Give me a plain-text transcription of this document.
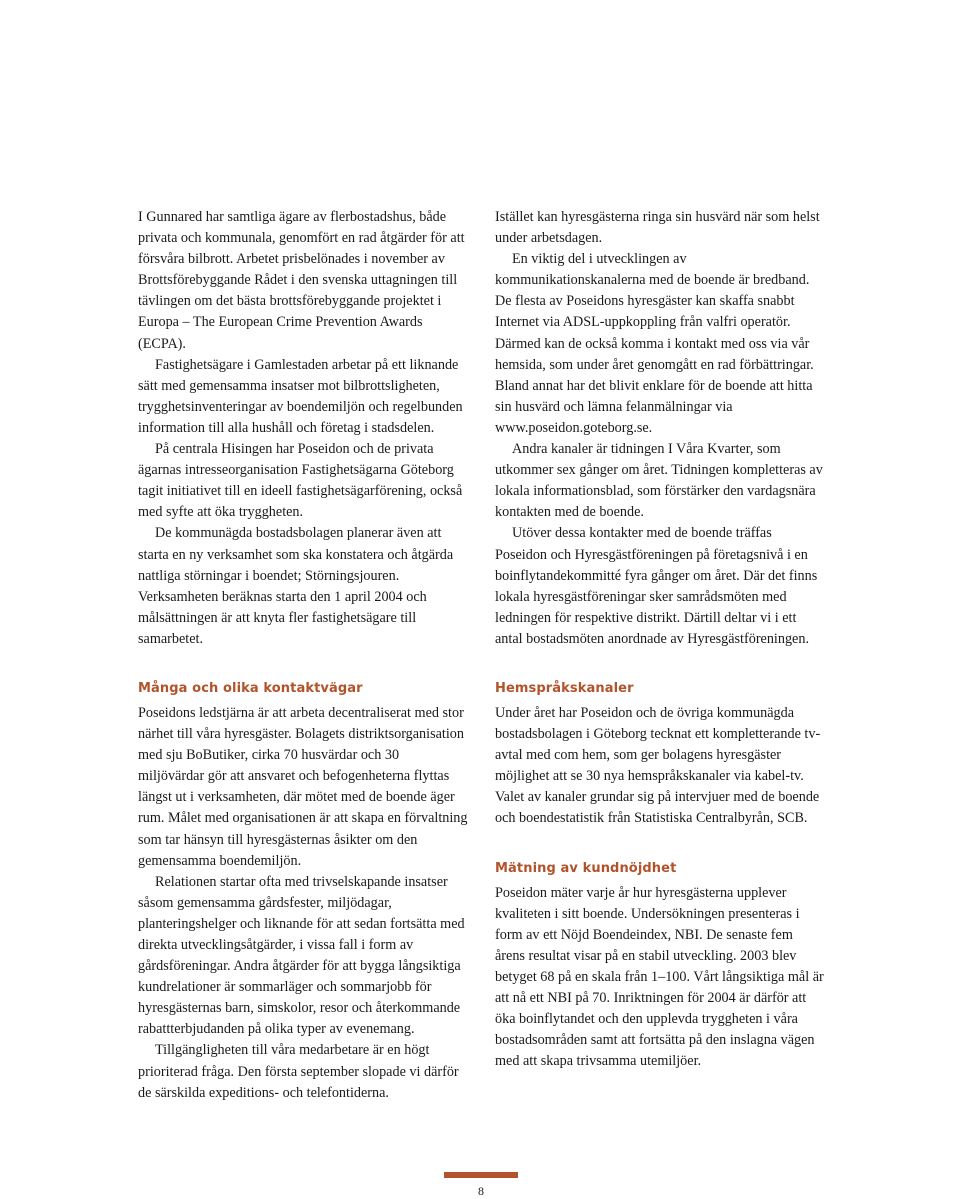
I Gunnared har samtliga ägare av flerbostadshus, både privata och kommunala, genomfört en rad åtgärder för att försvåra bilbrott. Arbetet prisbelönades i november av Brottsförebyggande Rådet i den svenska uttagningen till tävlingen om det bästa brottsförebyggande projektet i Europa – The European Crime Prevention Awards (ECPA).

Fastighetsägare i Gamlestaden arbetar på ett liknande sätt med gemensamma insatser mot bilbrottsligheten, trygghetsinventeringar av boendemiljön och regelbunden information till alla hushåll och företag i stadsdelen.

På centrala Hisingen har Poseidon och de privata ägarnas intresseorganisation Fastighetsägarna Göteborg tagit initiativet till en ideell fastighetsägarförening, också med syfte att öka tryggheten.

De kommunägda bostadsbolagen planerar även att starta en ny verksamhet som ska konstatera och åtgärda nattliga störningar i boendet; Störningsjouren. Verksamheten beräknas starta den 1 april 2004 och målsättningen är att knyta fler fastighetsägare till samarbetet.

Många och olika kontaktvägar

Poseidons ledstjärna är att arbeta decentraliserat med stor närhet till våra hyresgäster. Bolagets distriktsorganisation med sju BoButiker, cirka 70 husvärdar och 30 miljövärdar gör att ansvaret och befogenheterna flyttas längst ut i verksamheten, där mötet med de boende äger rum. Målet med organisationen är att skapa en förvaltning som tar hänsyn till hyresgästernas åsikter om den gemensamma boendemiljön.

Relationen startar ofta med trivselskapande insatser såsom gemensamma gårdsfester, miljödagar, planteringshelger och liknande för att sedan fortsätta med direkta utvecklingsåtgärder, i vissa fall i form av gårdsföreningar. Andra åtgärder för att bygga långsiktiga kundrelationer är sommarläger och sommarjobb för hyresgästernas barn, simskolor, resor och återkommande rabattterbjudanden på olika typer av evenemang.

Tillgängligheten till våra medarbetare är en högt prioriterad fråga. Den första september slopade vi därför de särskilda expeditions- och telefontiderna.

Istället kan hyresgästerna ringa sin husvärd när som helst under arbetsdagen.

En viktig del i utvecklingen av kommunikationskanalerna med de boende är bredband. De flesta av Poseidons hyresgäster kan skaffa snabbt Internet via ADSL-uppkoppling från valfri operatör. Därmed kan de också komma i kontakt med oss via vår hemsida, som under året genomgått en rad förbättringar. Bland annat har det blivit enklare för de boende att hitta sin husvärd och lämna felanmälningar via www.poseidon.goteborg.se.

Andra kanaler är tidningen I Våra Kvarter, som utkommer sex gånger om året. Tidningen kompletteras av lokala informationsblad, som förstärker den vardagsnära kontakten med de boende.

Utöver dessa kontakter med de boende träffas Poseidon och Hyresgästföreningen på företagsnivå i en boinflytandekommitté fyra gånger om året. Där det finns lokala hyresgästföreningar sker samrådsmöten med ledningen för respektive distrikt. Därtill deltar vi i ett antal bostadsmöten anordnade av Hyresgästföreningen.

Hemspråkskanaler

Under året har Poseidon och de övriga kommunägda bostadsbolagen i Göteborg tecknat ett kompletterande tv-avtal med com hem, som ger bolagens hyresgäster möjlighet att se 30 nya hemspråkskanaler via kabel-tv. Valet av kanaler grundar sig på intervjuer med de boende och boendestatistik från Statistiska Centralbyrån, SCB.

Mätning av kundnöjdhet

Poseidon mäter varje år hur hyresgästerna upplever kvaliteten i sitt boende. Undersökningen presenteras i form av ett Nöjd Boendeindex, NBI. De senaste fem årens resultat visar på en stabil utveckling. 2003 blev betyget 68 på en skala från 1–100. Vårt långsiktiga mål är att nå ett NBI på 70. Inriktningen för 2004 är därför att öka boinflytandet och den upplevda tryggheten i våra bostadsområden samt att fortsätta på den inslagna vägen med att skapa trivsamma utemiljöer.

8
